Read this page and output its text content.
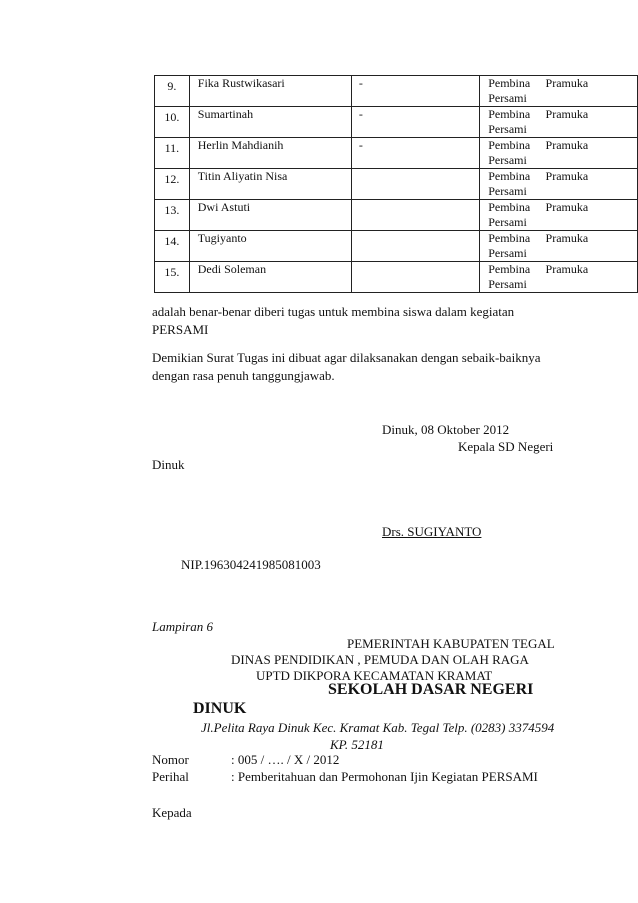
9.	Fika Rustwikasari	-	Pembina Pramuka
Persami

10.	Sumartinah	-	Pembina Pramuka
Persami

11.	Herlin Mahdianih	-	Pembina Pramuka
Persami

12.	Titin Aliyatin Nisa		Pembina Pramuka
Persami

13.	Dwi Astuti		Pembina Pramuka
Persami

14.	Tugiyanto		Pembina Pramuka
Persami

15.	Dedi Soleman		Pembina Pramuka
Persami
adalah benar-benar diberi tugas untuk membina siswa dalam kegiatan
PERSAMI
Demikian Surat Tugas ini dibuat agar dilaksanakan dengan sebaik-baiknya
dengan rasa penuh tanggungjawab.
Dinuk, 08 Oktober 2012
Kepala SD Negeri
Dinuk
Drs. SUGIYANTO
NIP.196304241985081003
Lampiran 6
PEMERINTAH KABUPATEN TEGAL
DINAS PENDIDIKAN , PEMUDA DAN OLAH RAGA
UPTD DIKPORA KECAMATAN KRAMAT
SEKOLAH DASAR NEGERI
DINUK
Jl.Pelita Raya Dinuk Kec. Kramat Kab. Tegal Telp. (0283) 3374594
KP. 52181
Nomor	: 005 / …. / X / 2012
Perihal	: Pemberitahuan dan Permohonan Ijin Kegiatan PERSAMI
Kepada
